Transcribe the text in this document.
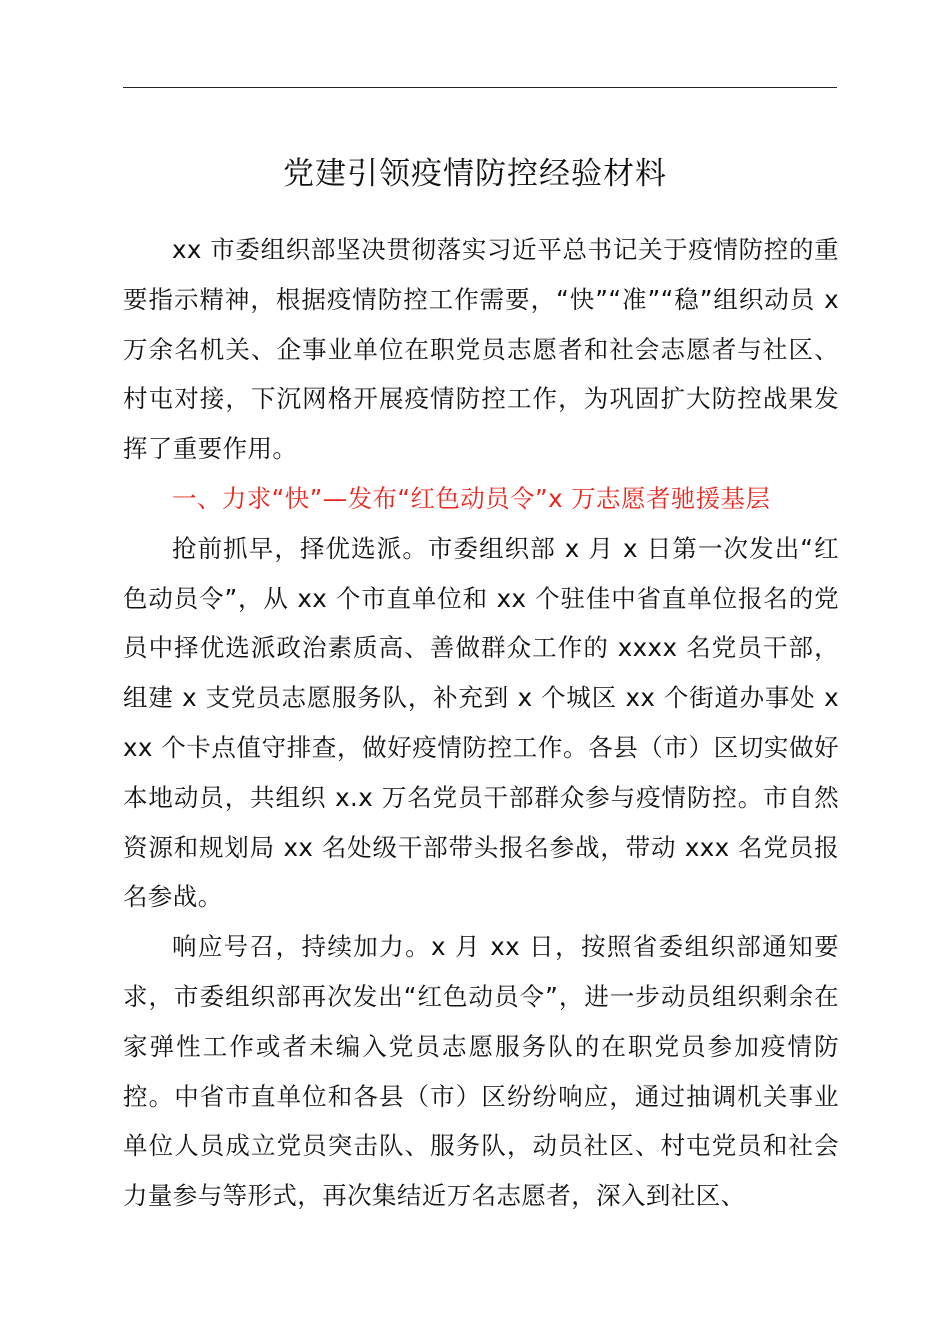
党建引领疫情防控经验材料

xx 市委组织部坚决贯彻落实习近平总书记关于疫情防控的重要指示精神，根据疫情防控工作需要，“快”“准”“稳”组织动员 x 万余名机关、企事业单位在职党员志愿者和社会志愿者与社区、村屯对接，下沉网格开展疫情防控工作，为巩固扩大防控战果发挥了重要作用。

一、力求“快”—发布“红色动员令”x 万志愿者驰援基层

抢前抓早，择优选派。市委组织部 x 月 x 日第一次发出“红色动员令”，从 xx 个市直单位和 xx 个驻佳中省直单位报名的党员中择优选派政治素质高、善做群众工作的 xxxx 名党员干部，组建 x 支党员志愿服务队，补充到 x 个城区 xx 个街道办事处 xxx 个卡点值守排查，做好疫情防控工作。各县（市）区切实做好本地动员，共组织 x.x 万名党员干部群众参与疫情防控。市自然资源和规划局 xx 名处级干部带头报名参战，带动 xxx 名党员报名参战。

响应号召，持续加力。x 月 xx 日，按照省委组织部通知要求，市委组织部再次发出“红色动员令”，进一步动员组织剩余在家弹性工作或者未编入党员志愿服务队的在职党员参加疫情防控。中省市直单位和各县（市）区纷纷响应，通过抽调机关事业单位人员成立党员突击队、服务队，动员社区、村屯党员和社会力量参与等形式，再次集结近万名志愿者，深入到社区、
